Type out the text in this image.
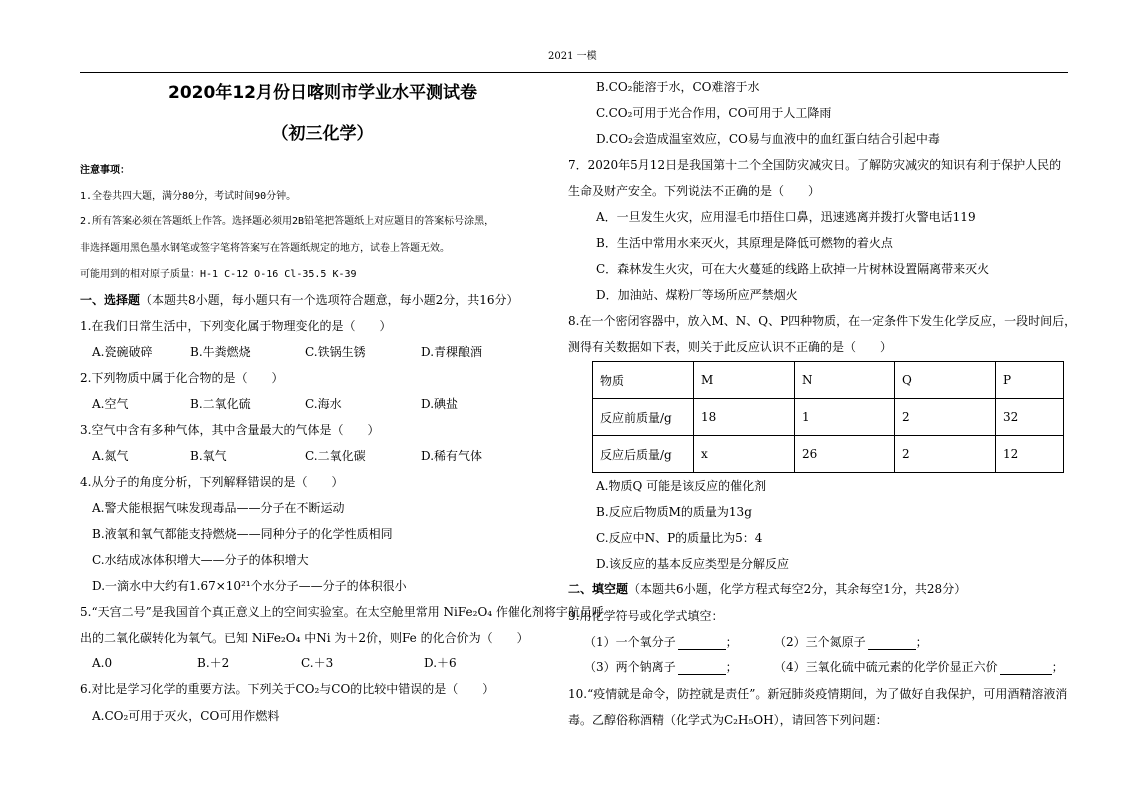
2021 一模
2020年12月份日喀则市学业水平测试卷
（初三化学）
注意事项：
1.全卷共四大题，满分80分，考试时间90分钟。
2.所有答案必须在答题纸上作答。选择题必须用2B铅笔把答题纸上对应题目的答案标号涂黑，
非选择题用黑色墨水钢笔或签字笔将答案写在答题纸规定的地方，试卷上答题无效。
可能用到的相对原子质量：H-1 C-12 O-16 Cl-35.5 K-39
一、选择题（本题共8小题，每小题只有一个选项符合题意，每小题2分，共16分）
1.在我们日常生活中，下列变化属于物理变化的是（　　）
A.瓷碗破碎	B.牛粪燃烧	C.铁锅生锈	D.青稞酿酒
2.下列物质中属于化合物的是（　　）
A.空气	B.二氧化硫	C.海水	D.碘盐
3.空气中含有多种气体，其中含量最大的气体是（　　）
A.氮气	B.氧气	C.二氧化碳	D.稀有气体
4.从分子的角度分析，下列解释错误的是（　　）
A.警犬能根据气味发现毒品——分子在不断运动
B.液氧和氧气都能支持燃烧——同种分子的化学性质相同
C.水结成冰体积增大——分子的体积增大
D.一滴水中大约有1.67×10²¹个水分子——分子的体积很小
5.“天宫二号”是我国首个真正意义上的空间实验室。在太空舱里常用 NiFe₂O₄ 作催化剂将宇航员呼
出的二氧化碳转化为氧气。已知 NiFe₂O₄ 中Ni 为＋2价，则Fe 的化合价为（　　）
A.0	B.＋2	C.＋3	D.＋6
6.对比是学习化学的重要方法。下列关于CO₂与CO的比较中错误的是（　　）
A.CO₂可用于灭火，CO可用作燃料
B.CO₂能溶于水，CO难溶于水
C.CO₂可用于光合作用，CO可用于人工降雨
D.CO₂会造成温室效应，CO易与血液中的血红蛋白结合引起中毒
7．2020年5月12日是我国第十二个全国防灾减灾日。了解防灾减灾的知识有利于保护人民的
生命及财产安全。下列说法不正确的是（　　）
A．一旦发生火灾，应用湿毛巾捂住口鼻，迅速逃离并拨打火警电话119
B．生活中常用水来灭火，其原理是降低可燃物的着火点
C．森林发生火灾，可在大火蔓延的线路上砍掉一片树林设置隔离带来灭火
D．加油站、煤粉厂等场所应严禁烟火
8.在一个密闭容器中，放入M、N、Q、P四种物质，在一定条件下发生化学反应，一段时间后，
测得有关数据如下表，则关于此反应认识不正确的是（　　）
物质	M	N	Q	P
反应前质量/g	18	1	2	32
反应后质量/g	x	26	2	12
A.物质Q 可能是该反应的催化剂
B.反应后物质M的质量为13g
C.反应中N、P的质量比为5：4
D.该反应的基本反应类型是分解反应
二、填空题（本题共6小题，化学方程式每空2分，其余每空1分，共28分）
9.用化学符号或化学式填空：
（1）一个氧分子	；	（2）三个氮原子	；
（3）两个钠离子	；	（4）三氧化硫中硫元素的化学价显正六价	；
10.“疫情就是命令，防控就是责任”。新冠肺炎疫情期间，为了做好自我保护，可用酒精溶液消
毒。乙醇俗称酒精（化学式为C₂H₅OH），请回答下列问题：
